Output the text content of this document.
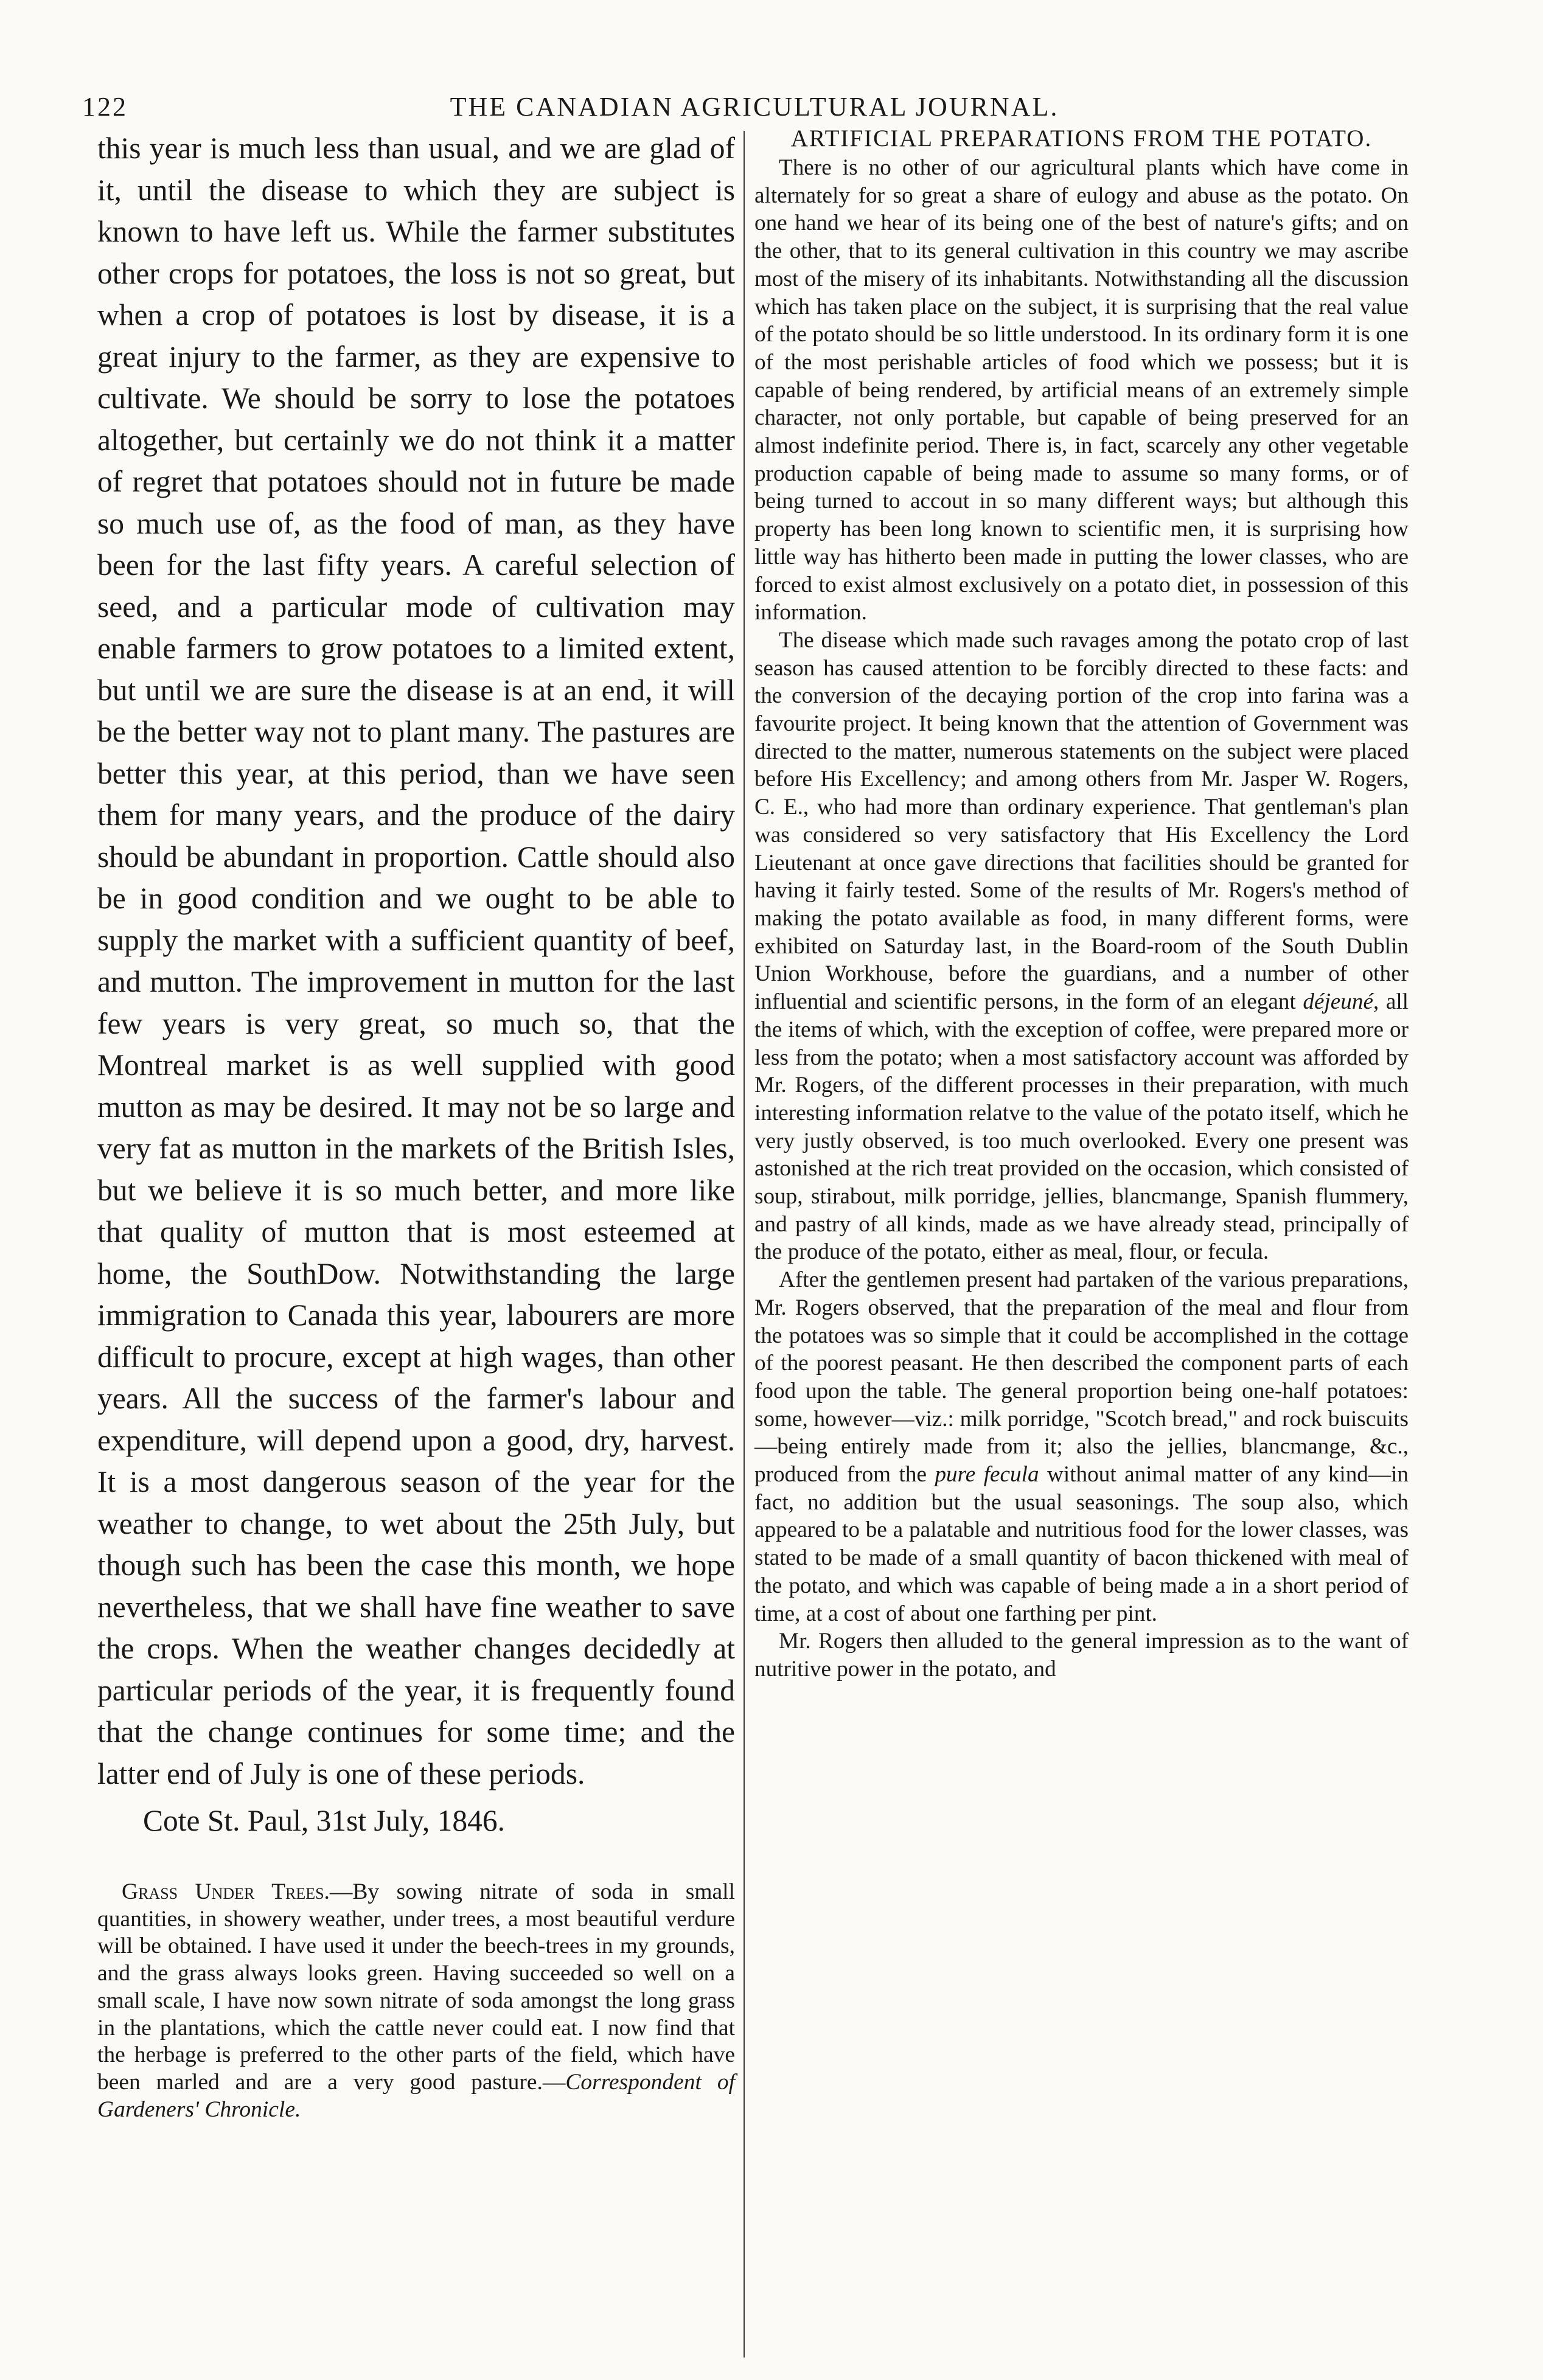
122	THE CANADIAN AGRICULTURAL JOURNAL.

this year is much less than usual, and we are glad of it, until the disease to which they are subject is known to have left us. While the farmer substitutes other crops for potatoes, the loss is not so great, but when a crop of potatoes is lost by disease, it is a great injury to the farmer, as they are expensive to cultivate. We should be sorry to lose the potatoes altogether, but certainly we do not think it a matter of regret that potatoes should not in future be made so much use of, as the food of man, as they have been for the last fifty years. A careful selection of seed, and a particular mode of cultivation may enable farmers to grow potatoes to a limited extent, but until we are sure the disease is at an end, it will be the better way not to plant many. The pastures are better this year, at this period, than we have seen them for many years, and the produce of the dairy should be abundant in proportion. Cattle should also be in good condition and we ought to be able to supply the market with a sufficient quantity of beef, and mutton. The improvement in mutton for the last few years is very great, so much so, that the Montreal market is as well supplied with good mutton as may be desired. It may not be so large and very fat as mutton in the markets of the British Isles, but we believe it is so much better, and more like that quality of mutton that is most esteemed at home, the SouthDow. Notwithstanding the large immigration to Canada this year, labourers are more difficult to procure, except at high wages, than other years. All the success of the farmer's labour and expenditure, will depend upon a good, dry, harvest. It is a most dangerous season of the year for the weather to change, to wet about the 25th July, but though such has been the case this month, we hope nevertheless, that we shall have fine weather to save the crops. When the weather changes decidedly at particular periods of the year, it is frequently found that the change continues for some time; and the latter end of July is one of these periods.

Cote St. Paul, 31st July, 1846.

Grass Under Trees.—By sowing nitrate of soda in small quantities, in showery weather, under trees, a most beautiful verdure will be obtained. I have used it under the beech-trees in my grounds, and the grass always looks green. Having succeeded so well on a small scale, I have now sown nitrate of soda amongst the long grass in the plantations, which the cattle never could eat. I now find that the herbage is preferred to the other parts of the field, which have been marled and are a very good pasture.—Correspondent of Gardeners' Chronicle.

ARTIFICIAL PREPARATIONS FROM THE POTATO.

There is no other of our agricultural plants which have come in alternately for so great a share of eulogy and abuse as the potato. On one hand we hear of its being one of the best of nature's gifts; and on the other, that to its general cultivation in this country we may ascribe most of the misery of its inhabitants. Notwithstanding all the discussion which has taken place on the subject, it is surprising that the real value of the potato should be so little understood. In its ordinary form it is one of the most perishable articles of food which we possess; but it is capable of being rendered, by artificial means of an extremely simple character, not only portable, but capable of being preserved for an almost indefinite period. There is, in fact, scarcely any other vegetable production capable of being made to assume so many forms, or of being turned to accout in so many different ways; but although this property has been long known to scientific men, it is surprising how little way has hitherto been made in putting the lower classes, who are forced to exist almost exclusively on a potato diet, in possession of this information.

The disease which made such ravages among the potato crop of last season has caused attention to be forcibly directed to these facts: and the conversion of the decaying portion of the crop into farina was a favourite project. It being known that the attention of Government was directed to the matter, numerous statements on the subject were placed before His Excellency; and among others from Mr. Jasper W. Rogers, C. E., who had more than ordinary experience. That gentleman's plan was considered so very satisfactory that His Excellency the Lord Lieutenant at once gave directions that facilities should be granted for having it fairly tested. Some of the results of Mr. Rogers's method of making the potato available as food, in many different forms, were exhibited on Saturday last, in the Board-room of the South Dublin Union Workhouse, before the guardians, and a number of other influential and scientific persons, in the form of an elegant déjeuné, all the items of which, with the exception of coffee, were prepared more or less from the potato; when a most satisfactory account was afforded by Mr. Rogers, of the different processes in their preparation, with much interesting information relatve to the value of the potato itself, which he very justly observed, is too much overlooked. Every one present was astonished at the rich treat provided on the occasion, which consisted of soup, stirabout, milk porridge, jellies, blancmange, Spanish flummery, and pastry of all kinds, made as we have already stead, principally of the produce of the potato, either as meal, flour, or fecula.

After the gentlemen present had partaken of the various preparations, Mr. Rogers observed, that the preparation of the meal and flour from the potatoes was so simple that it could be accomplished in the cottage of the poorest peasant. He then described the component parts of each food upon the table. The general proportion being one-half potatoes: some, however—viz.: milk porridge, "Scotch bread," and rock buiscuits—being entirely made from it; also the jellies, blancmange, &c., produced from the pure fecula without animal matter of any kind—in fact, no addition but the usual seasonings. The soup also, which appeared to be a palatable and nutritious food for the lower classes, was stated to be made of a small quantity of bacon thickened with meal of the potato, and which was capable of being made a in a short period of time, at a cost of about one farthing per pint.

Mr. Rogers then alluded to the general impression as to the want of nutritive power in the potato, and
